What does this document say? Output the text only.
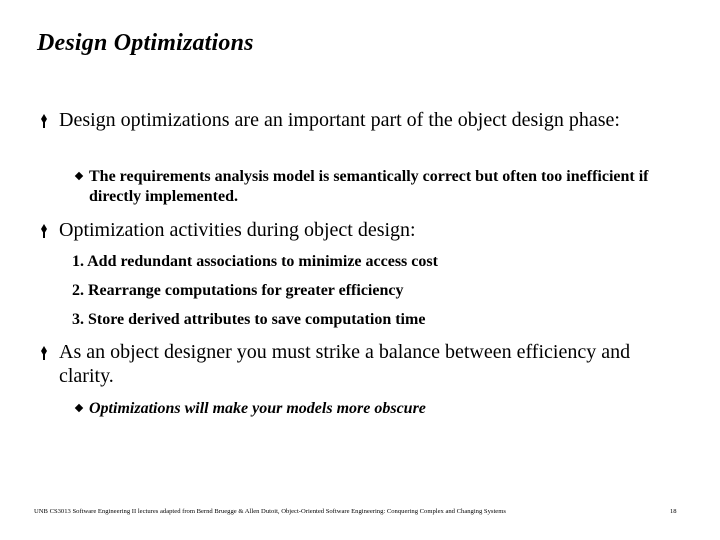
Design Optimizations
Design optimizations are an important part of the object design phase:
The requirements analysis model is semantically correct but often too inefficient if directly implemented.
Optimization activities during object design:
1. Add redundant associations to minimize access cost
2. Rearrange computations for greater efficiency
3. Store derived attributes to save computation time
As an object designer you must strike a balance between efficiency and clarity.
Optimizations will make your models more obscure
UNB CS3013 Software Engineering II lectures adapted from Bernd Bruegge & Allen Dutoit, Object-Oriented Software Engineering: Conquering Complex and Changing Systems	18
